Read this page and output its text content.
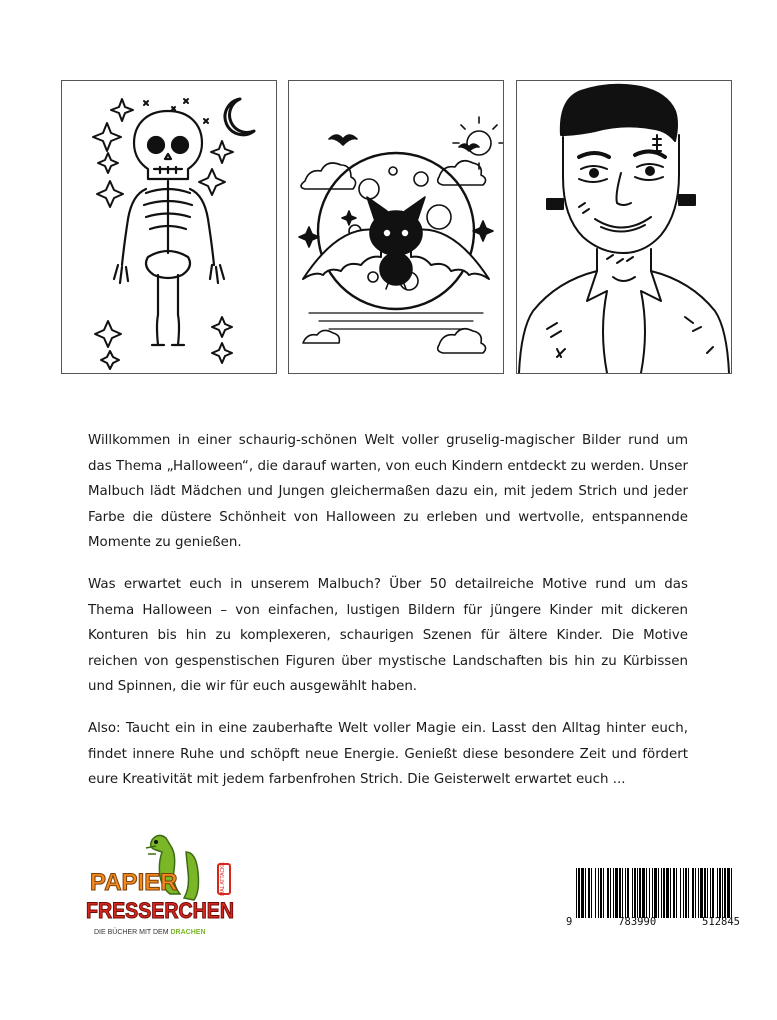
Willkommen in einer schaurig-schönen Welt voller gruselig-magischer Bilder rund um das Thema „Halloween“, die darauf warten, von euch Kindern entdeckt zu werden. Unser Malbuch lädt Mädchen und Jungen gleichermaßen dazu ein, mit jedem Strich und jeder Farbe die düstere Schönheit von Halloween zu erleben und wertvolle, entspannende Momente zu genießen.

Was erwartet euch in unserem Malbuch? Über 50 detailreiche Motive rund um das Thema Halloween – von einfachen, lustigen Bildern für jüngere Kinder mit dickeren Konturen bis hin zu komplexeren, schaurigen Szenen für ältere Kinder. Die Motive reichen von gespenstischen Figuren über mystische Landschaften bis hin zu Kürbissen und Spinnen, die wir für euch ausgewählt haben.

Also: Taucht ein in eine zauberhafte Welt voller Magie ein. Lasst den Alltag hinter euch, findet innere Ruhe und schöpft neue Energie. Genießt diese besondere Zeit und fördert eure Kreativität mit jedem farbenfrohen Strich. Die Geisterwelt erwartet euch ...

MAL ATTACKE
PAPIER
FRESSERCHEN
DIE BÜCHER MIT DEM DRACHEN
9	783990	512845
